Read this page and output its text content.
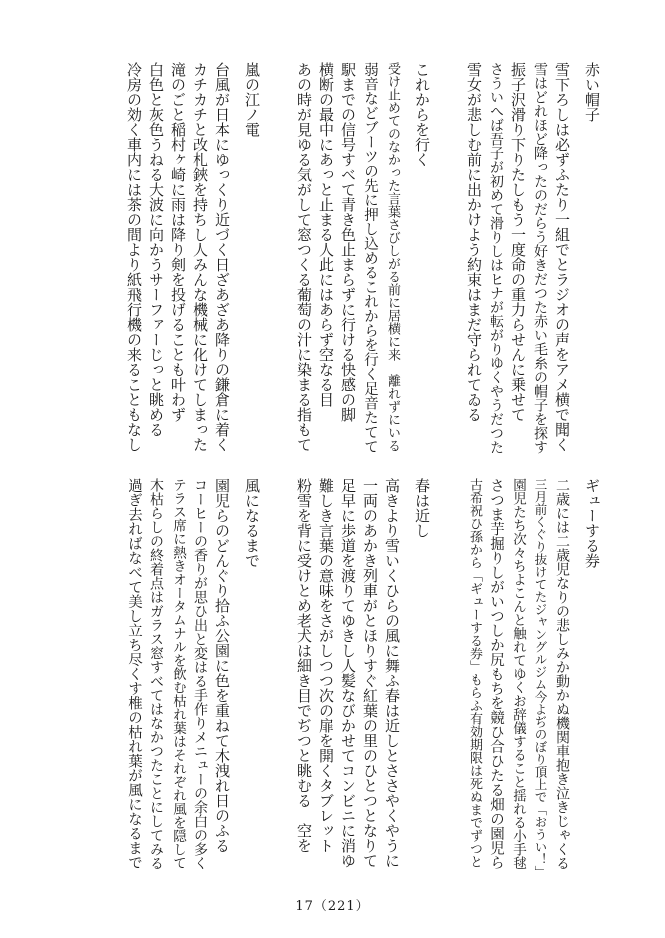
赤い帽子
雪下ろしは必ずふたり一組でとラジオの声をアメ横で聞く
雪はどれほど降ったのだらう好きだつた赤い毛糸の帽子を探す
振子沢滑り下りたしもう一度命の重力らせんに乗せて
さういへば吾子が初めて滑りしはヒナが転がりゆくやうだつた
雪女が悲しむ前に出かけよう約束はまだ守られてゐる
これからを行く
受け止めてのなかった言葉さびしがる前に居横に来　離れずにいる
弱音などブーツの先に押し込めるこれからを行く足音たてて
駅までの信号すべて青き色止まらずに行ける快感の脚
横断の最中にあっと止まる人此にはあらず空なる目
あの時が見ゆる気がして窓つくる葡萄の汁に染まる指もて
嵐の江ノ電
台風が日本にゆっくり近づく日ざあざあ降りの鎌倉に着く
カチカチと改札鋏を持ちし人みんな機械に化けてしまった
滝のごと稲村ヶ崎に雨は降り剣を投げることも叶わず
白色と灰色うねる大波に向かうサーファーじっと眺める
冷房の効く車内には茶の間より紙飛行機の来ることもなし
ギューする券
二歳には二歳児なりの悲しみか動かぬ機関車抱き泣きじゃくる
三月前くぐり抜けてたジャングルジム今よぢのぼり頂上で「おうい！」
園児たち次々ちよこんと触れてゆくお辞儀すること揺れる小手毬
さつま芋掘りしがいつしか尻もちを競ひ合ひたる畑の園児ら
古希祝ひ孫から「ギューする券」もらふ有効期限は死ぬまでずつと
春は近し
高きより雪いくひらの風に舞ふ春は近しとささやくやうに
一両のあかき列車がとほりすぐ紅葉の里のひとつとなりて
足早に歩道を渡りてゆきし人髪なびかせてコンビニに消ゆ
難しき言葉の意味をさがしつつ次の扉を開くタブレット
粉雪を背に受けとめ老犬は細き目でぢつと眺むる　空を
風になるまで
園児らのどんぐり拾ふ公園に色を重ねて木洩れ日のふる
コーヒーの香りが思ひ出と変はる手作りメニューの余白の多く
テラス席に熱きオータムナルを飲む枯れ葉はそれぞれ風を隠して
木枯らしの終着点はガラス窓すべてはなかつたことにしてみる
過ぎ去ればなべて美し立ち尽くす椎の枯れ葉が風になるまで
17（221）
